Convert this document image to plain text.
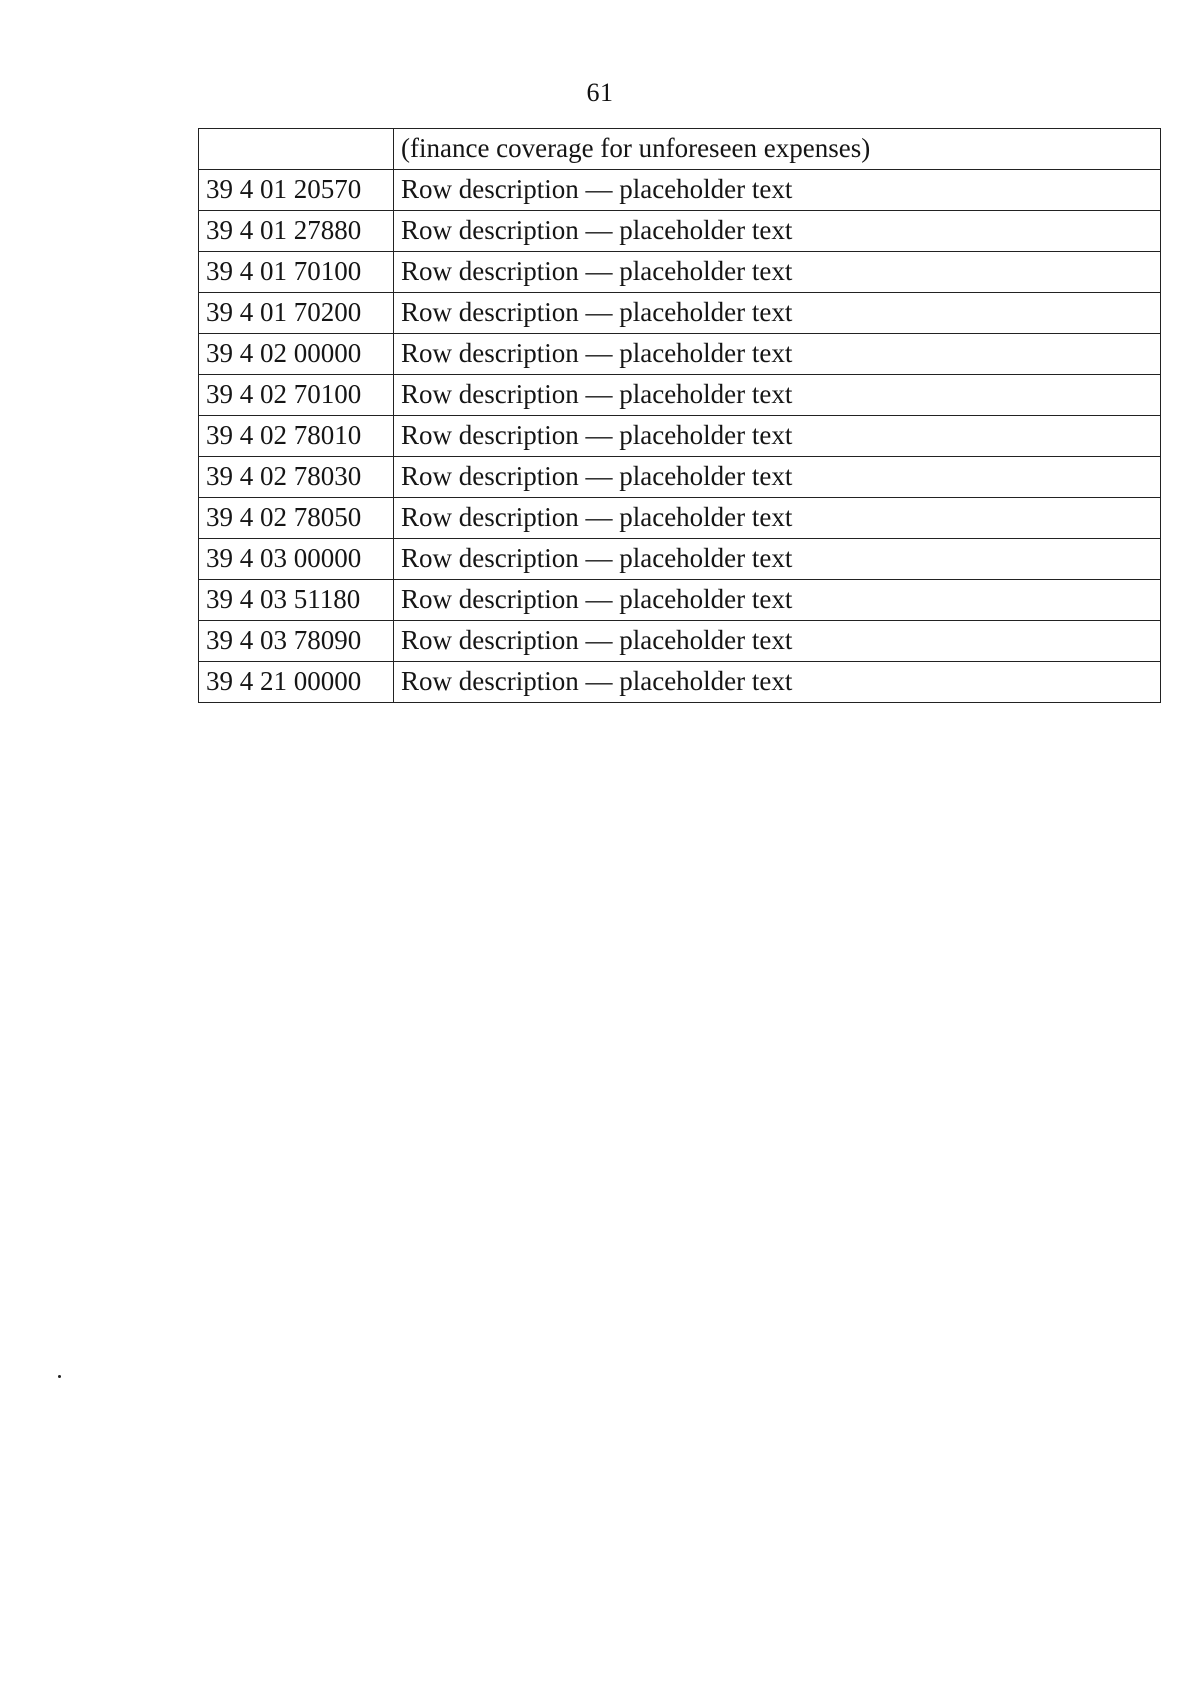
61
	(finance coverage for unforeseen expenses)
39 4 01 20570	Row description — placeholder text
39 4 01 27880	Row description — placeholder text
39 4 01 70100	Row description — placeholder text
39 4 01 70200	Row description — placeholder text
39 4 02 00000	Row description — placeholder text
39 4 02 70100	Row description — placeholder text
39 4 02 78010	Row description — placeholder text
39 4 02 78030	Row description — placeholder text
39 4 02 78050	Row description — placeholder text
39 4 03 00000	Row description — placeholder text
39 4 03 51180	Row description — placeholder text
39 4 03 78090	Row description — placeholder text
39 4 21 00000	Row description — placeholder text
